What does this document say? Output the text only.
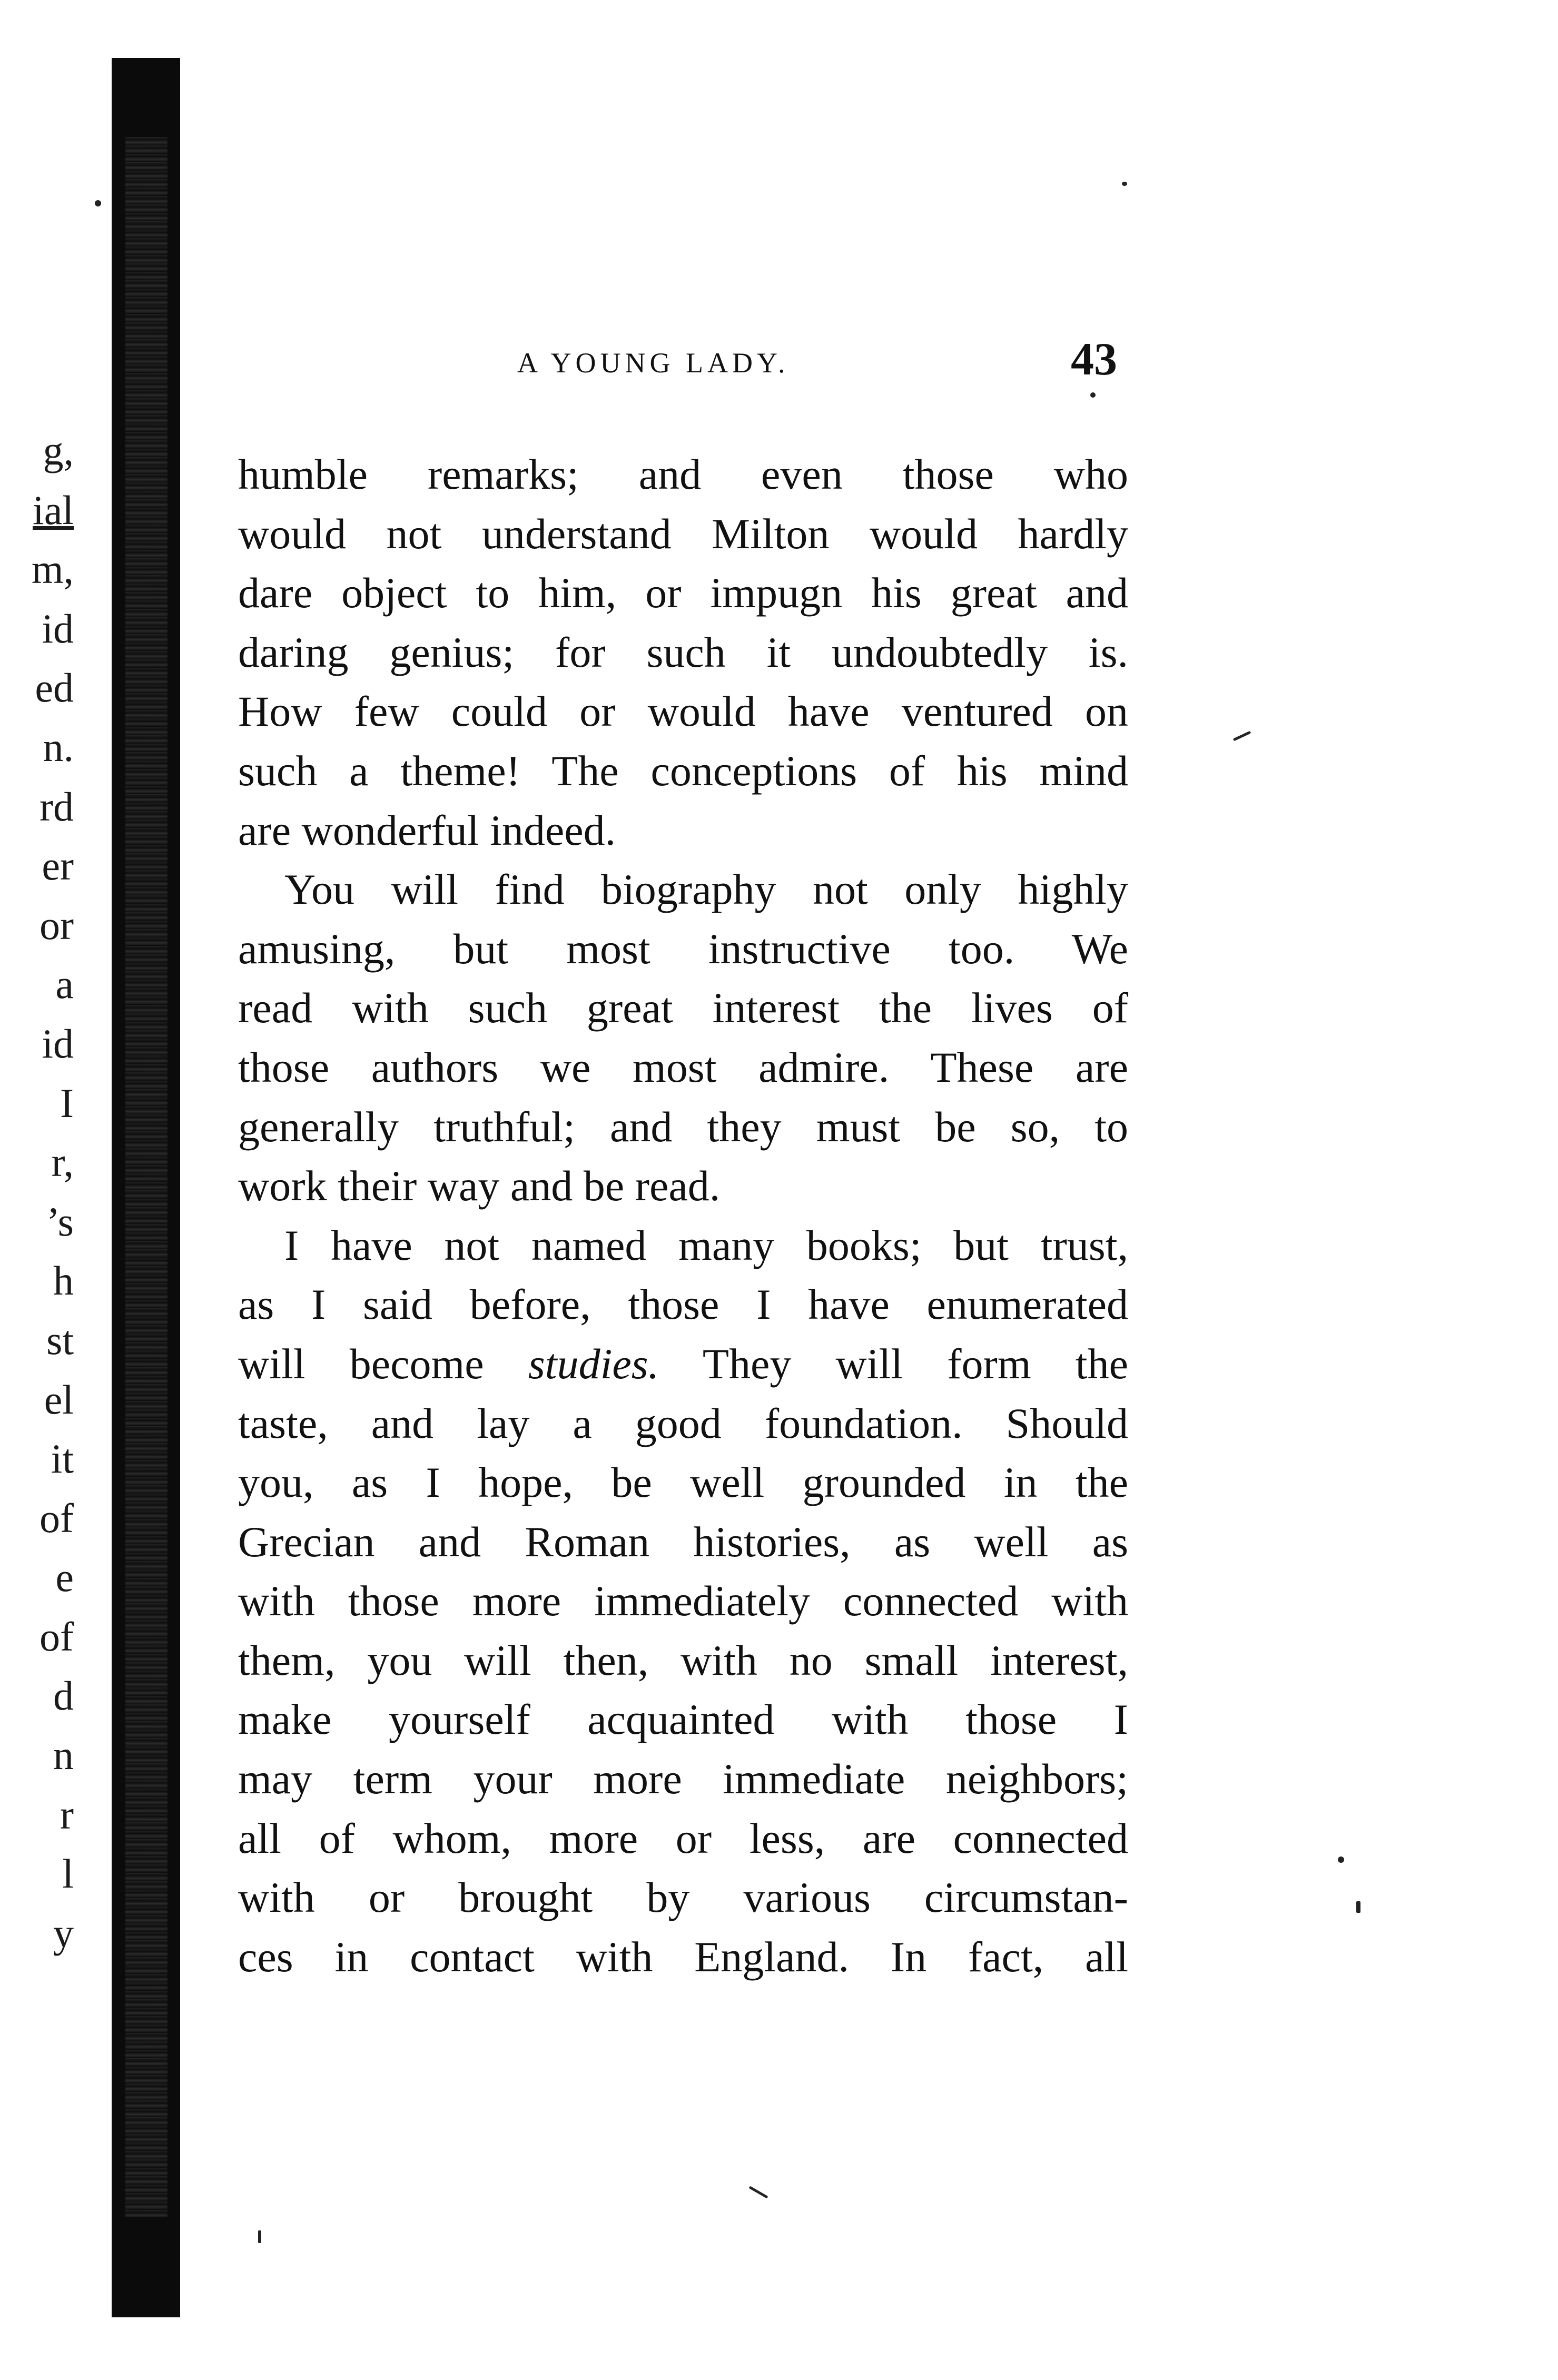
g,
ial
m,
id
ed
n.
rd
er
or
a
id
I
r,
’s
h
st
el
it
of
e
of
d
n
r
l
y
A YOUNG LADY.	43
humble remarks; and even those who
would not understand Milton would hardly
dare object to him, or impugn his great and
daring genius; for such it undoubtedly is.
How few could or would have ventured on
such a theme! The conceptions of his mind
are wonderful indeed.
You will find biography not only highly
amusing, but most instructive too. We
read with such great interest the lives of
those authors we most admire. These are
generally truthful; and they must be so, to
work their way and be read.
I have not named many books; but trust,
as I said before, those I have enumerated
will become studies. They will form the
taste, and lay a good foundation. Should
you, as I hope, be well grounded in the
Grecian and Roman histories, as well as
with those more immediately connected with
them, you will then, with no small interest,
make yourself acquainted with those I
may term your more immediate neighbors;
all of whom, more or less, are connected
with or brought by various circumstan-
ces in contact with England. In fact, all
